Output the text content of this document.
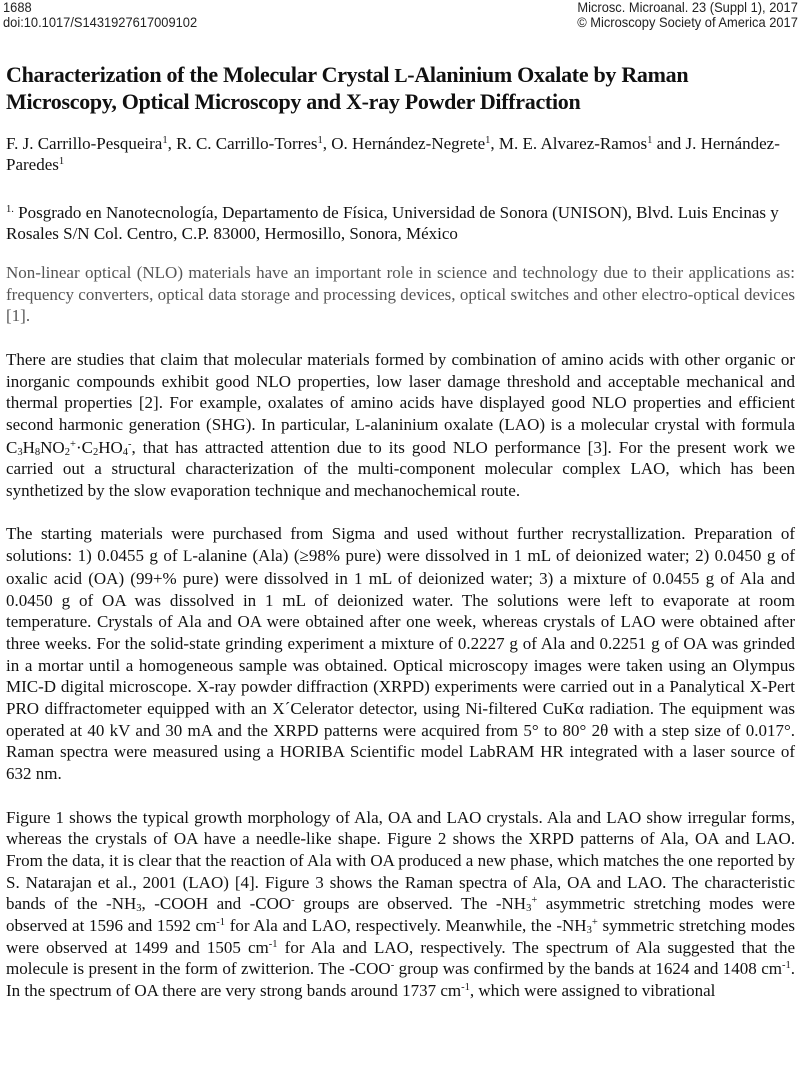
1688	Microsc. Microanal. 23 (Suppl 1), 2017
doi:10.1017/S1431927617009102	© Microscopy Society of America 2017
Characterization of the Molecular Crystal L-Alaninium Oxalate by Raman Microscopy, Optical Microscopy and X-ray Powder Diffraction
F. J. Carrillo-Pesqueira$^1$, R. C. Carrillo-Torres$^1$, O. Hernández-Negrete$^1$, M. E. Alvarez-Ramos$^1$ and J. Hernández-Paredes$^1$
$^{1.}$ Posgrado en Nanotecnología, Departamento de Física, Universidad de Sonora (UNISON), Blvd. Luis Encinas y Rosales S/N Col. Centro, C.P. 83000, Hermosillo, Sonora, México

Non-linear optical (NLO) materials have an important role in science and technology due to their applications as: frequency converters, optical data storage and processing devices, optical switches and other electro-optical devices [1].

There are studies that claim that molecular materials formed by combination of amino acids with other organic or inorganic compounds exhibit good NLO properties, low laser damage threshold and acceptable mechanical and thermal properties [2]. For example, oxalates of amino acids have displayed good NLO properties and efficient second harmonic generation (SHG). In particular, L-alaninium oxalate (LAO) is a molecular crystal with formula $C_3H_8NO_2^+\cdot C_2HO_4^-$, that has attracted attention due to its good NLO performance [3]. For the present work we carried out a structural characterization of the multi-component molecular complex LAO, which has been synthetized by the slow evaporation technique and mechanochemical route.

The starting materials were purchased from Sigma and used without further recrystallization. Preparation of solutions: 1) 0.0455 g of L-alanine (Ala) (≥98% pure) were dissolved in 1 mL of deionized water; 2) 0.0450 g of oxalic acid (OA) (99+% pure) were dissolved in 1 mL of deionized water; 3) a mixture of 0.0455 g of Ala and 0.0450 g of OA was dissolved in 1 mL of deionized water. The solutions were left to evaporate at room temperature. Crystals of Ala and OA were obtained after one week, whereas crystals of LAO were obtained after three weeks. For the solid-state grinding experiment a mixture of 0.2227 g of Ala and 0.2251 g of OA was grinded in a mortar until a homogeneous sample was obtained. Optical microscopy images were taken using an Olympus MIC-D digital microscope. X-ray powder diffraction (XRPD) experiments were carried out in a Panalytical X-Pert PRO diffractometer equipped with an X´Celerator detector, using Ni-filtered CuKα radiation. The equipment was operated at 40 kV and 30 mA and the XRPD patterns were acquired from 5° to 80° 2θ with a step size of 0.017°. Raman spectra were measured using a HORIBA Scientific model LabRAM HR integrated with a laser source of 632 nm.

Figure 1 shows the typical growth morphology of Ala, OA and LAO crystals. Ala and LAO show irregular forms, whereas the crystals of OA have a needle-like shape. Figure 2 shows the XRPD patterns of Ala, OA and LAO. From the data, it is clear that the reaction of Ala with OA produced a new phase, which matches the one reported by S. Natarajan et al., 2001 (LAO) [4]. Figure 3 shows the Raman spectra of Ala, OA and LAO. The characteristic bands of the $-NH_3$, -COOH and -COO- groups are observed. The $-NH_3^+$ asymmetric stretching modes were observed at 1596 and 1592 $cm^{-1}$ for Ala and LAO, respectively. Meanwhile, the $-NH_3^+$ symmetric stretching modes were observed at 1499 and 1505 $cm^{-1}$ for Ala and LAO, respectively. The spectrum of Ala suggested that the molecule is present in the form of zwitterion. The -COO- group was confirmed by the bands at 1624 and 1408 $cm^{-1}$. In the spectrum of OA there are very strong bands around 1737 $cm^{-1}$, which were assigned to vibrational
